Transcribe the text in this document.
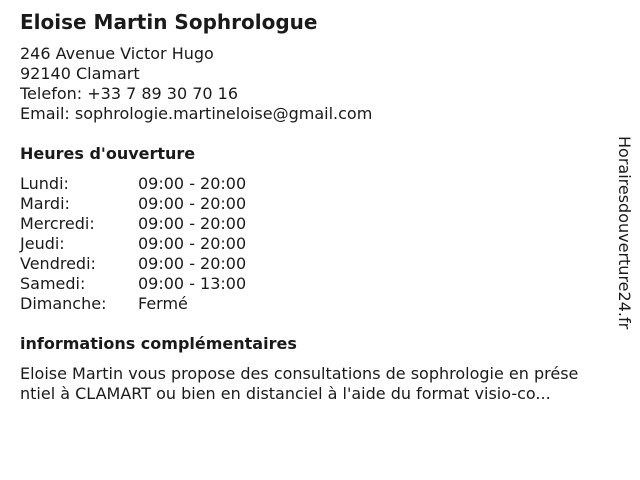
Eloise Martin Sophrologue
246 Avenue Victor Hugo
92140 Clamart
Telefon: +33 7 89 30 70 16
Email: sophrologie.martineloise@gmail.com
Heures d'ouverture
Lundi:	09:00 - 20:00
Mardi:	09:00 - 20:00
Mercredi:	09:00 - 20:00
Jeudi:	09:00 - 20:00
Vendredi:	09:00 - 20:00
Samedi:	09:00 - 13:00
Dimanche:	Fermé
informations complémentaires
Eloise Martin vous propose des consultations de sophrologie en prése
ntiel à CLAMART ou bien en distanciel à l'aide du format visio-co...
Horairesdouverture24.fr
